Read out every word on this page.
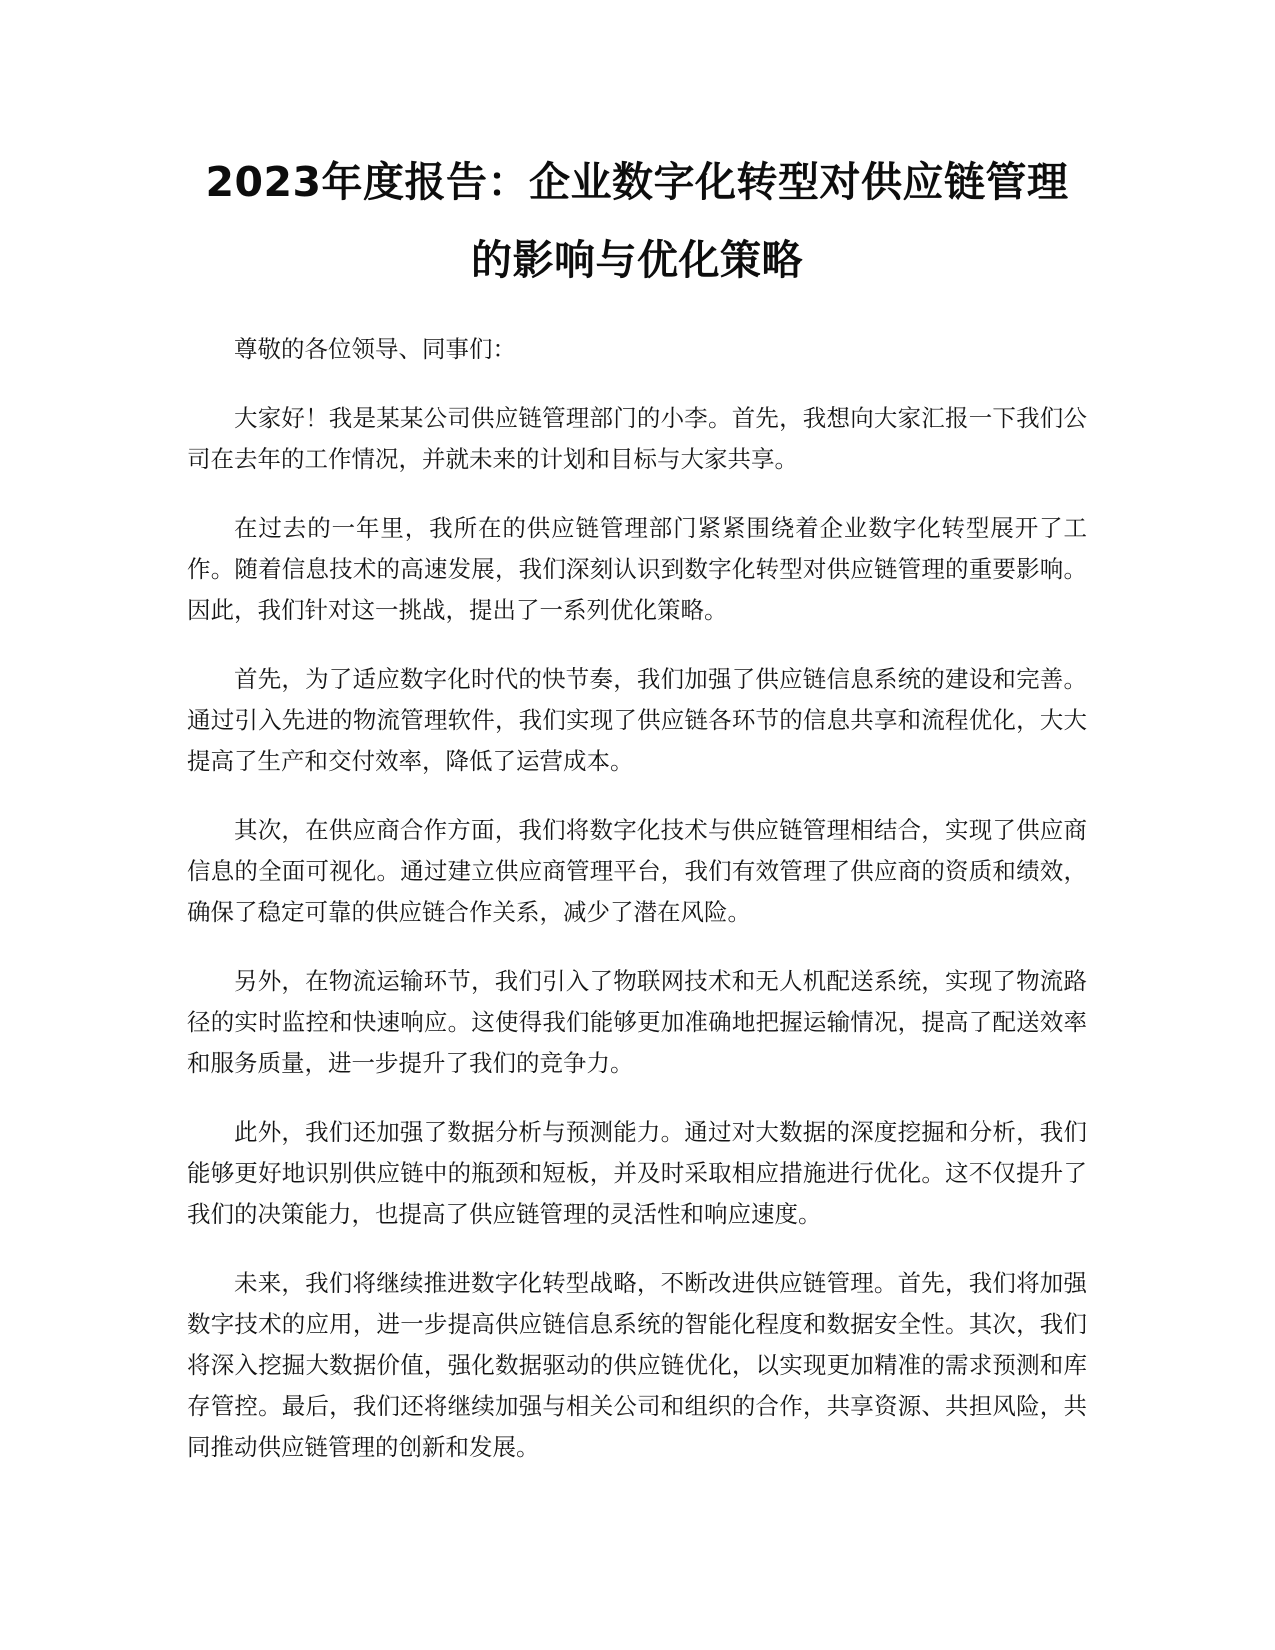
2023年度报告：企业数字化转型对供应链管理的影响与优化策略

尊敬的各位领导、同事们：

大家好！我是某某公司供应链管理部门的小李。首先，我想向大家汇报一下我们公司在去年的工作情况，并就未来的计划和目标与大家共享。

在过去的一年里，我所在的供应链管理部门紧紧围绕着企业数字化转型展开了工作。随着信息技术的高速发展，我们深刻认识到数字化转型对供应链管理的重要影响。因此，我们针对这一挑战，提出了一系列优化策略。

首先，为了适应数字化时代的快节奏，我们加强了供应链信息系统的建设和完善。通过引入先进的物流管理软件，我们实现了供应链各环节的信息共享和流程优化，大大提高了生产和交付效率，降低了运营成本。

其次，在供应商合作方面，我们将数字化技术与供应链管理相结合，实现了供应商信息的全面可视化。通过建立供应商管理平台，我们有效管理了供应商的资质和绩效，确保了稳定可靠的供应链合作关系，减少了潜在风险。

另外，在物流运输环节，我们引入了物联网技术和无人机配送系统，实现了物流路径的实时监控和快速响应。这使得我们能够更加准确地把握运输情况，提高了配送效率和服务质量，进一步提升了我们的竞争力。

此外，我们还加强了数据分析与预测能力。通过对大数据的深度挖掘和分析，我们能够更好地识别供应链中的瓶颈和短板，并及时采取相应措施进行优化。这不仅提升了我们的决策能力，也提高了供应链管理的灵活性和响应速度。

未来，我们将继续推进数字化转型战略，不断改进供应链管理。首先，我们将加强数字技术的应用，进一步提高供应链信息系统的智能化程度和数据安全性。其次，我们将深入挖掘大数据价值，强化数据驱动的供应链优化，以实现更加精准的需求预测和库存管控。最后，我们还将继续加强与相关公司和组织的合作，共享资源、共担风险，共同推动供应链管理的创新和发展。
